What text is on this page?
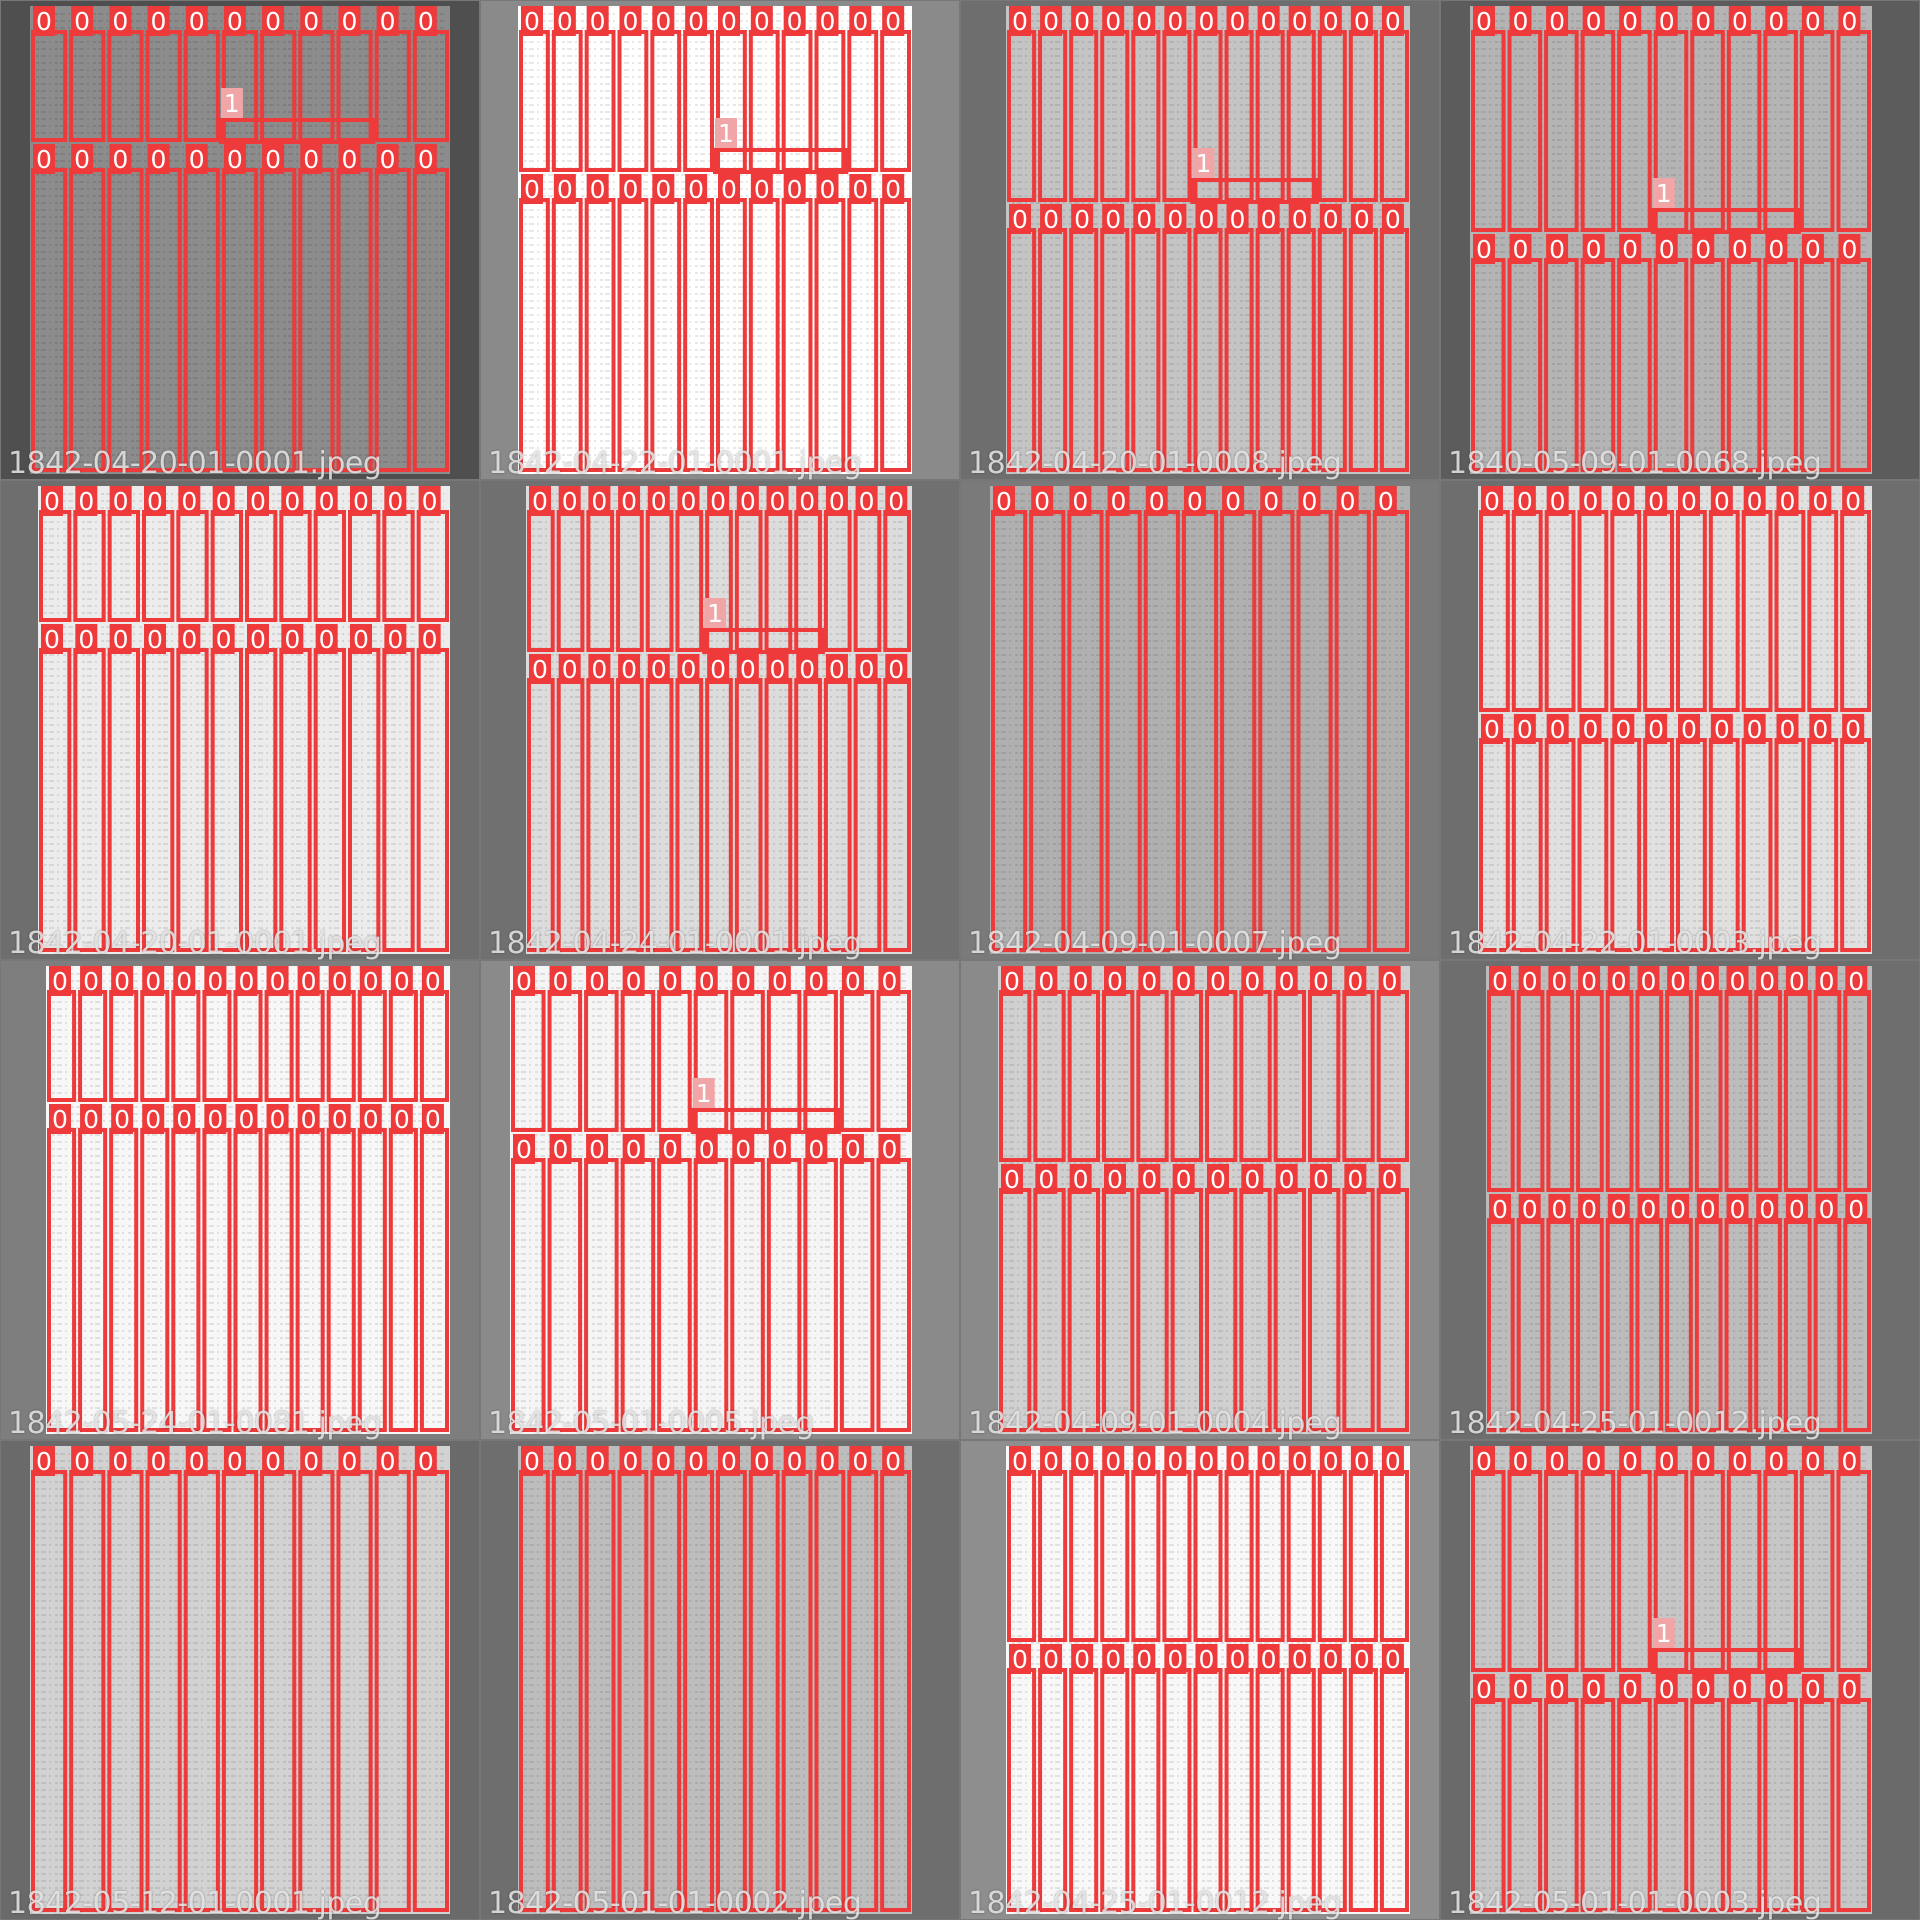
0
0
0
0
0
0
0
0
0
0
0
0
0
0
0
0
0
0
0
0
0
0
1
1842-04-20-01-0001.jpeg
0
0
0
0
0
0
0
0
0
0
0
0
0
0
0
0
0
0
0
0
0
0
0
0
1
1842-04-22-01-0001.jpeg
0
0
0
0
0
0
0
0
0
0
0
0
0
0
0
0
0
0
0
0
0
0
0
0
0
0
1
1842-04-20-01-0008.jpeg
0
0
0
0
0
0
0
0
0
0
0
0
0
0
0
0
0
0
0
0
0
0
1
1840-05-09-01-0068.jpeg
0
0
0
0
0
0
0
0
0
0
0
0
0
0
0
0
0
0
0
0
0
0
0
0
1842-04-20-01-0001.jpeg
0
0
0
0
0
0
0
0
0
0
0
0
0
0
0
0
0
0
0
0
0
0
0
0
0
0
1
1842-04-24-01-0001.jpeg
0 0 0 0 0 0 0 0 0 0 0
1842-04-09-01-0007.jpeg
0
0
0
0
0
0
0
0
0
0
0
0
0
0
0
0
0
0
0
0
0
0
0
0
1842-04-22-01-0003.jpeg
0
0
0
0
0
0
0
0
0
0
0
0
0
0
0
0
0
0
0
0
0
0
0
0
0
0
1842-05-24-01-0081.jpeg
0
0
0
0
0
0
0
0
0
0
0
0
0
0
0
0
0
0
0
0
0
0
1
1842-05-01-0005.jpeg
0
0
0
0
0
0
0
0
0
0
0
0
0
0
0
0
0
0
0
0
0
0
0
0
1842-04-09-01-0004.jpeg
0
0
0
0
0
0
0
0
0
0
0
0
0
0
0
0
0
0
0
0
0
0
0
0
0
0
1842-04-25-01-0012.jpeg
0 0 0 0 0 0 0 0 0 0 0
1842-05-12-01-0001.jpeg
0 0 0 0 0 0 0 0 0 0 0 0
1842-05-01-01-0002.jpeg
0
0
0
0
0
0
0
0
0
0
0
0
0
0
0
0
0
0
0
0
0
0
0
0
0
0
1842-04-25-01-0012.jpeg
0
0
0
0
0
0
0
0
0
0
0
0
0
0
0
0
0
0
0
0
0
0
1
1842-05-01-01-0003.jpeg
